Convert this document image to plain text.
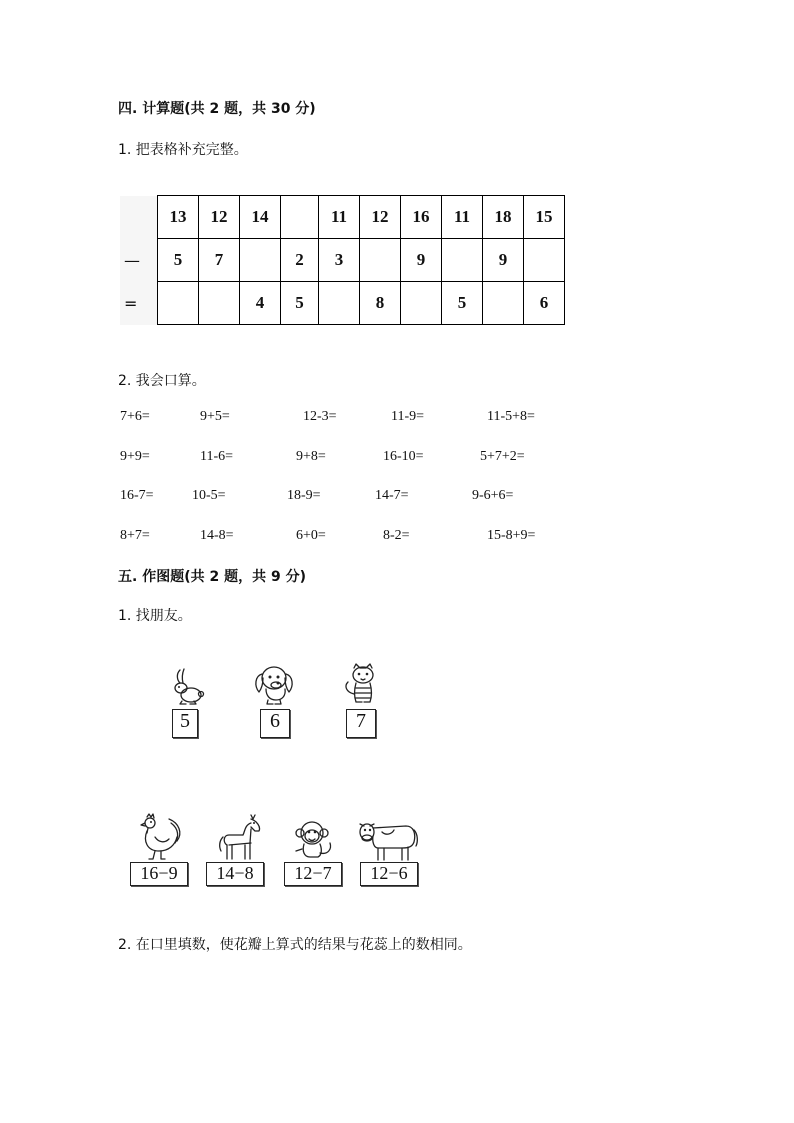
四. 计算题(共 2 题，共 30 分)
1. 把表格补充完整。
	13	12	14		11	12	16	11	18	15
—	5	7		2	3		9		9	
=			4	5		8		5		6
2. 我会口算。
7+6=	9+5=	12-3=	11-9=	11-5+8=
9+9=	11-6=	9+8=	16-10=	5+7+2=
16-7=	10-5=	18-9=	14-7=	9-6+6=
8+7=	14-8=	6+0=	8-2=	15-8+9=
五. 作图题(共 2 题，共 9 分)
1. 找朋友。
5	6	7
16−9	14−8	12−7	12−6
2. 在口里填数，使花瓣上算式的结果与花蕊上的数相同。
